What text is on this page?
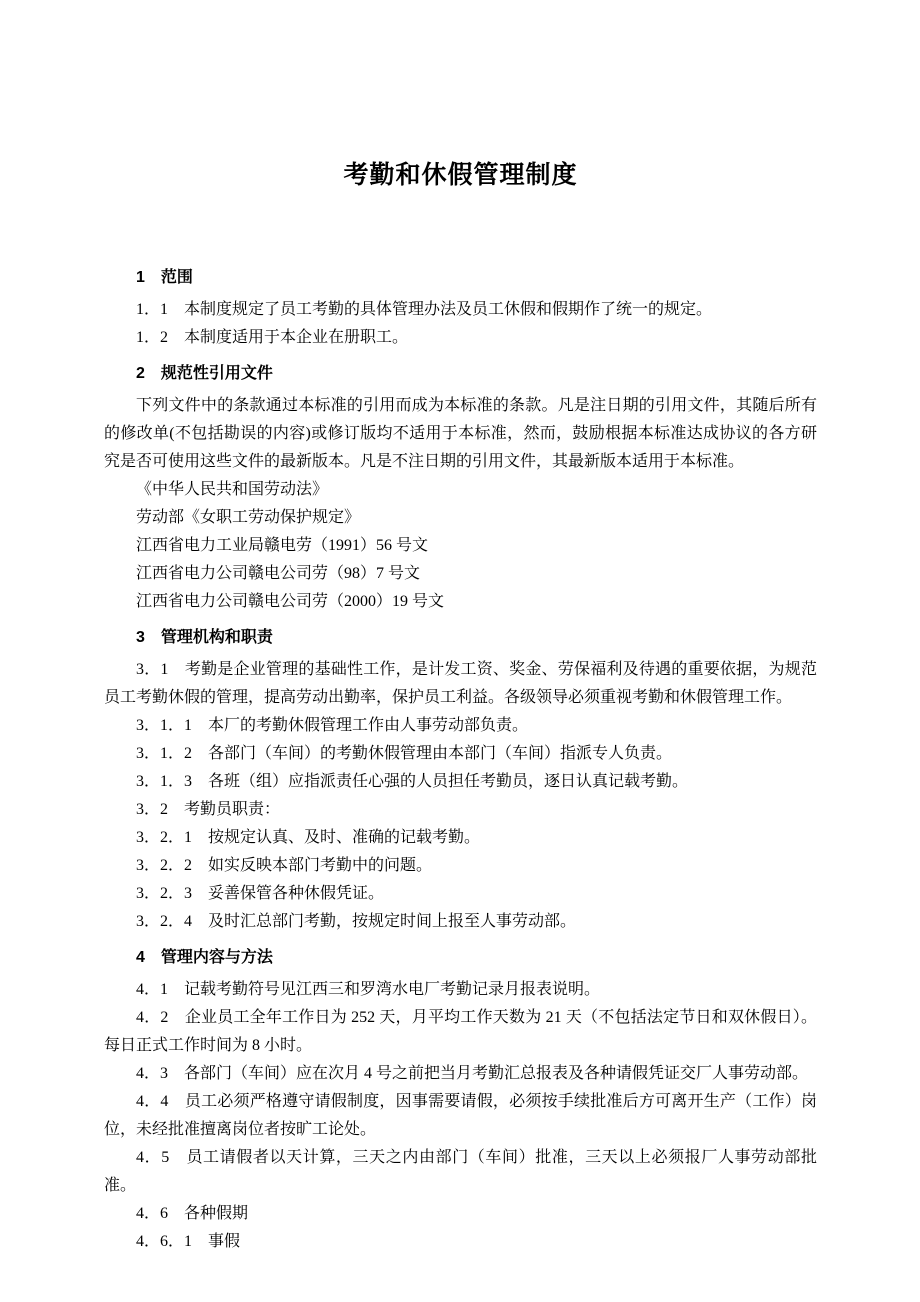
考勤和休假管理制度
1　范围
1．1　本制度规定了员工考勤的具体管理办法及员工休假和假期作了统一的规定。
1．2　本制度适用于本企业在册职工。
2　规范性引用文件
下列文件中的条款通过本标准的引用而成为本标准的条款。凡是注日期的引用文件，其随后所有的修改单(不包括勘误的内容)或修订版均不适用于本标准，然而，鼓励根据本标准达成协议的各方研究是否可使用这些文件的最新版本。凡是不注日期的引用文件，其最新版本适用于本标准。
《中华人民共和国劳动法》
劳动部《女职工劳动保护规定》
江西省电力工业局赣电劳（1991）56 号文
江西省电力公司赣电公司劳（98）7 号文
江西省电力公司赣电公司劳（2000）19 号文
3　管理机构和职责
3．1　考勤是企业管理的基础性工作，是计发工资、奖金、劳保福利及待遇的重要依据，为规范员工考勤休假的管理，提高劳动出勤率，保护员工利益。各级领导必须重视考勤和休假管理工作。
3．1．1　本厂的考勤休假管理工作由人事劳动部负责。
3．1．2　各部门（车间）的考勤休假管理由本部门（车间）指派专人负责。
3．1．3　各班（组）应指派责任心强的人员担任考勤员，逐日认真记载考勤。
3．2　考勤员职责：
3．2．1　按规定认真、及时、准确的记载考勤。
3．2．2　如实反映本部门考勤中的问题。
3．2．3　妥善保管各种休假凭证。
3．2．4　及时汇总部门考勤，按规定时间上报至人事劳动部。
4　管理内容与方法
4．1　记载考勤符号见江西三和罗湾水电厂考勤记录月报表说明。
4．2　企业员工全年工作日为 252 天，月平均工作天数为 21 天（不包括法定节日和双休假日）。每日正式工作时间为 8 小时。
4．3　各部门（车间）应在次月 4 号之前把当月考勤汇总报表及各种请假凭证交厂人事劳动部。
4．4　员工必须严格遵守请假制度，因事需要请假，必须按手续批准后方可离开生产（工作）岗位，未经批准擅离岗位者按旷工论处。
4．5　员工请假者以天计算，三天之内由部门（车间）批准，三天以上必须报厂人事劳动部批准。
4．6　各种假期
4．6．1　事假
